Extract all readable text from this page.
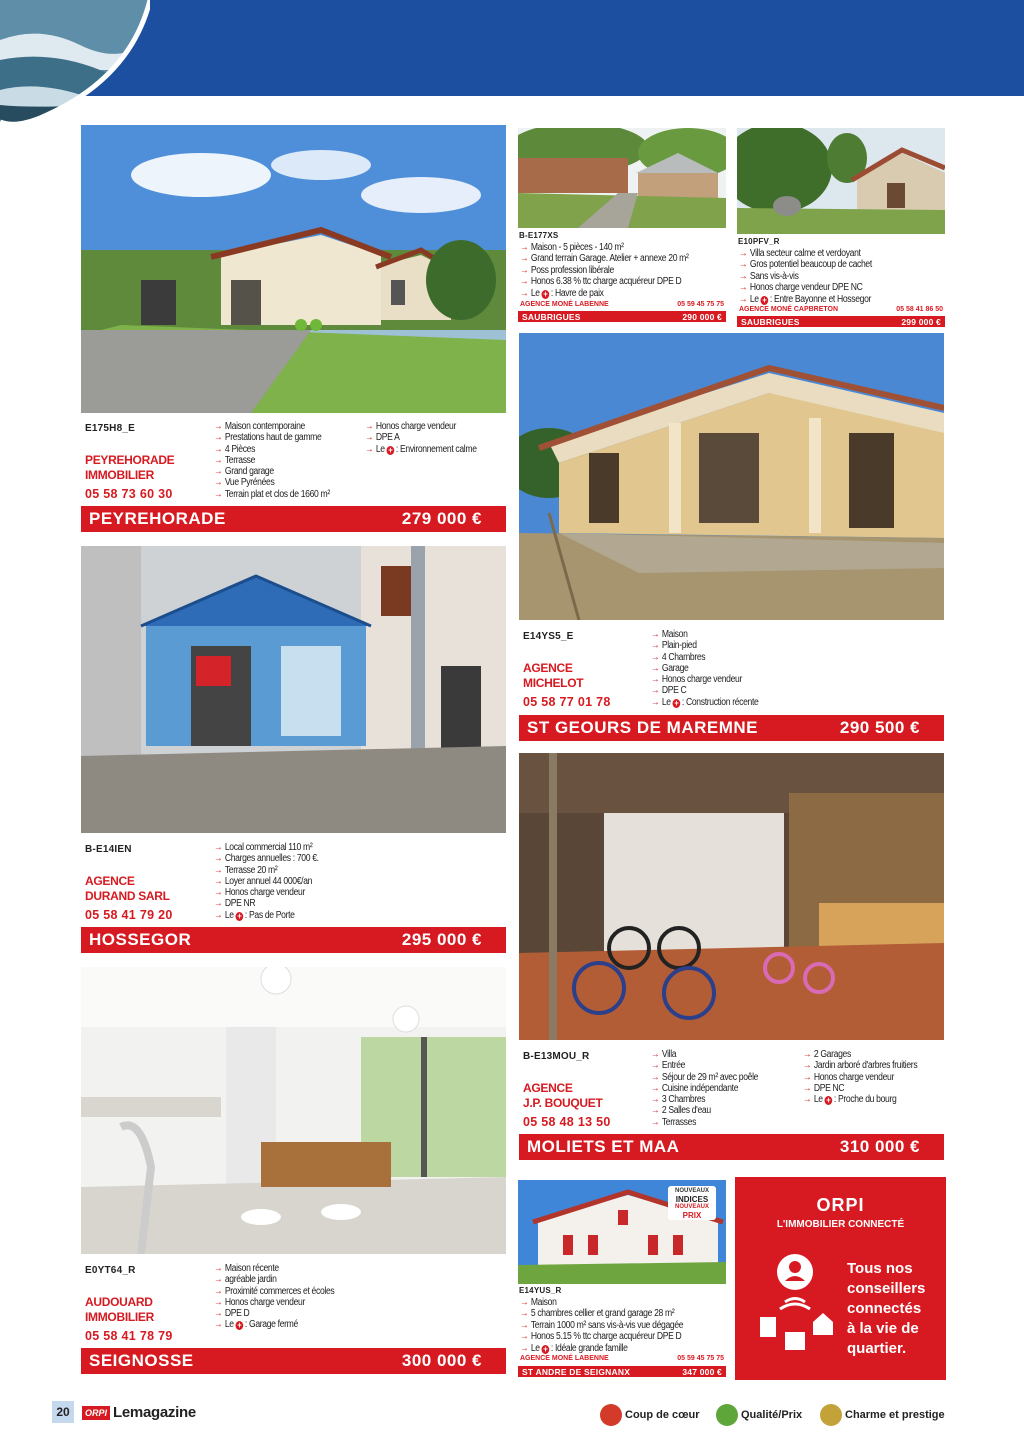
E175H8_E
PEYREHORADE
IMMOBILIER
05 58 73 60 30
→ Maison contemporaine
→ Prestations haut de gamme
→ 4 Pièces
→ Terrasse
→ Grand garage
→ Vue Pyrénées
→ Terrain plat et clos de 1660 m²
→ Honos charge vendeur
→ DPE A
→ Le + : Environnement calme
PEYREHORADE	279 000 €
B-E177XS
→ Maison - 5 pièces - 140 m²
→ Grand terrain Garage. Atelier + annexe 20 m²
→ Poss profession libérale
→ Honos 6.38 % ttc charge acquéreur DPE D
→ Le + : Havre de paix
AGENCE MONÉ LABENNE	05 59 45 75 75
SAUBRIGUES	290 000 €
E10PFV_R
→ Villa secteur calme et verdoyant
→ Gros potentiel beaucoup de cachet
→ Sans vis-à-vis
→ Honos charge vendeur DPE NC
→ Le + : Entre Bayonne et Hossegor
AGENCE MONÉ CAPBRETON	05 58 41 86 50
SAUBRIGUES	299 000 €
E14YS5_E
AGENCE
MICHELOT
05 58 77 01 78
→ Maison
→ Plain-pied
→ 4 Chambres
→ Garage
→ Honos charge vendeur
→ DPE C
→ Le + : Construction récente
ST GEOURS DE MAREMNE	290 500 €
B-E14IEN
AGENCE
DURAND SARL
05 58 41 79 20
→ Local commercial 110 m²
→ Charges annuelles : 700 €.
→ Terrasse 20 m²
→ Loyer annuel 44 000€/an
→ Honos charge vendeur
→ DPE NR
→ Le + : Pas de Porte
HOSSEGOR	295 000 €
B-E13MOU_R
AGENCE
J.P. BOUQUET
05 58 48 13 50
→ Villa
→ Entrée
→ Séjour de 29 m² avec poêle
→ Cuisine indépendante
→ 3 Chambres
→ 2 Salles d'eau
→ Terrasses
→ 2 Garages
→ Jardin arboré d'arbres fruitiers
→ Honos charge vendeur
→ DPE NC
→ Le + : Proche du bourg
MOLIETS ET MAA	310 000 €
E0YT64_R
AUDOUARD
IMMOBILIER
05 58 41 78 79
→ Maison récente
→ agréable jardin
→ Proximité commerces et écoles
→ Honos charge vendeur
→ DPE D
→ Le + : Garage fermé
SEIGNOSSE	300 000 €
NOUVEAUX
INDICES
NOUVEAUX
PRIX
E14YUS_R
→ Maison
→ 5 chambres cellier et grand garage 28 m²
→ Terrain 1000 m² sans vis-à-vis vue dégagée
→ Honos 5.15 % ttc charge acquéreur DPE D
→ Le + : Idéale grande famille
AGENCE MONÉ LABENNE	05 59 45 75 75
ST ANDRE DE SEIGNANX	347 000 €
ORPI
L'IMMOBILIER CONNECTÉ
Tous nos
conseillers
connectés
à la vie de
quartier.
20	ORPI Lemagazine	Coup de cœur	Qualité/Prix	Charme et prestige
